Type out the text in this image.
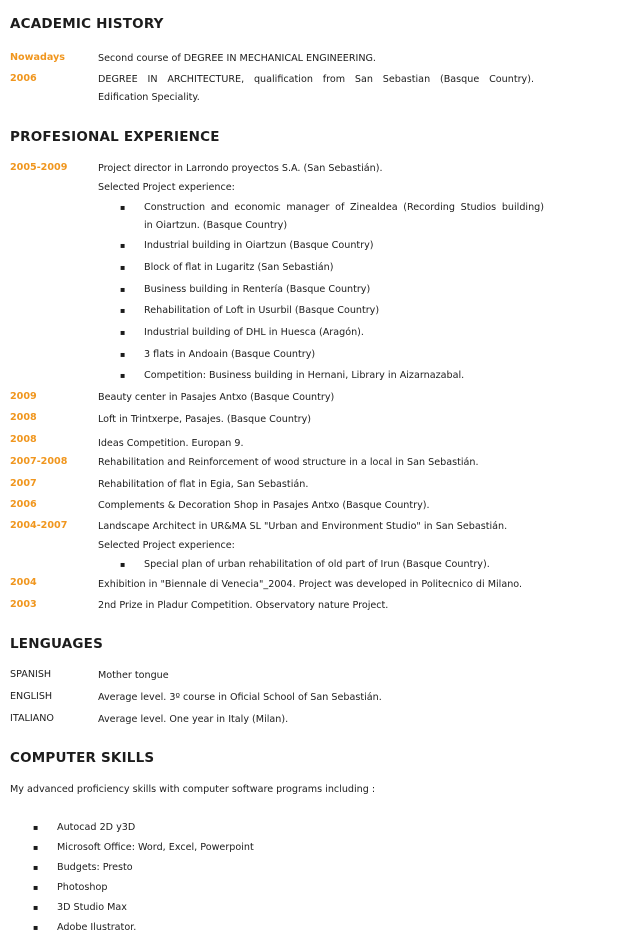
ACADEMIC HISTORY
Nowadays	Second course of DEGREE IN MECHANICAL ENGINEERING.
2006	DEGREE IN ARCHITECTURE, qualification from San Sebastian (Basque Country).
Edification Speciality.
PROFESIONAL EXPERIENCE
2005-2009	Project director in Larrondo proyectos S.A. (San Sebastián).
Selected Project experience:
▪ Construction and economic manager of Zinealdea (Recording Studios building)
in Oiartzun. (Basque Country)
▪ Industrial building in Oiartzun (Basque Country)
▪ Block of flat in Lugaritz (San Sebastián)
▪ Business building in Rentería (Basque Country)
▪ Rehabilitation of Loft in Usurbil (Basque Country)
▪ Industrial building of DHL in Huesca (Aragón).
▪ 3 flats in Andoain (Basque Country)
▪ Competition: Business building in Hernani, Library in Aizarnazabal.
2009	Beauty center in Pasajes Antxo (Basque Country)
2008	Loft in Trintxerpe, Pasajes. (Basque Country)
2008	Ideas Competition. Europan 9.
2007-2008	Rehabilitation and Reinforcement of wood structure in a local in San Sebastián.
2007	Rehabilitation of flat in Egia, San Sebastián.
2006	Complements & Decoration Shop in Pasajes Antxo (Basque Country).
2004-2007	Landscape Architect in UR&MA SL "Urban and Environment Studio" in San Sebastián.
Selected Project experience:
▪ Special plan of urban rehabilitation of old part of Irun (Basque Country).
2004	Exhibition in "Biennale di Venecia"_2004. Project was developed in Politecnico di Milano.
2003	2nd Prize in Pladur Competition. Observatory nature Project.
LENGUAGES
SPANISH	Mother tongue
ENGLISH	Average level. 3º course in Oficial School of San Sebastián.
ITALIANO	Average level. One year in Italy (Milan).
COMPUTER SKILLS
My advanced proficiency skills with computer software programs including :
▪ Autocad 2D y3D
▪ Microsoft Office: Word, Excel, Powerpoint
▪ Budgets: Presto
▪ Photoshop
▪ 3D Studio Max
▪ Adobe Ilustrator.
